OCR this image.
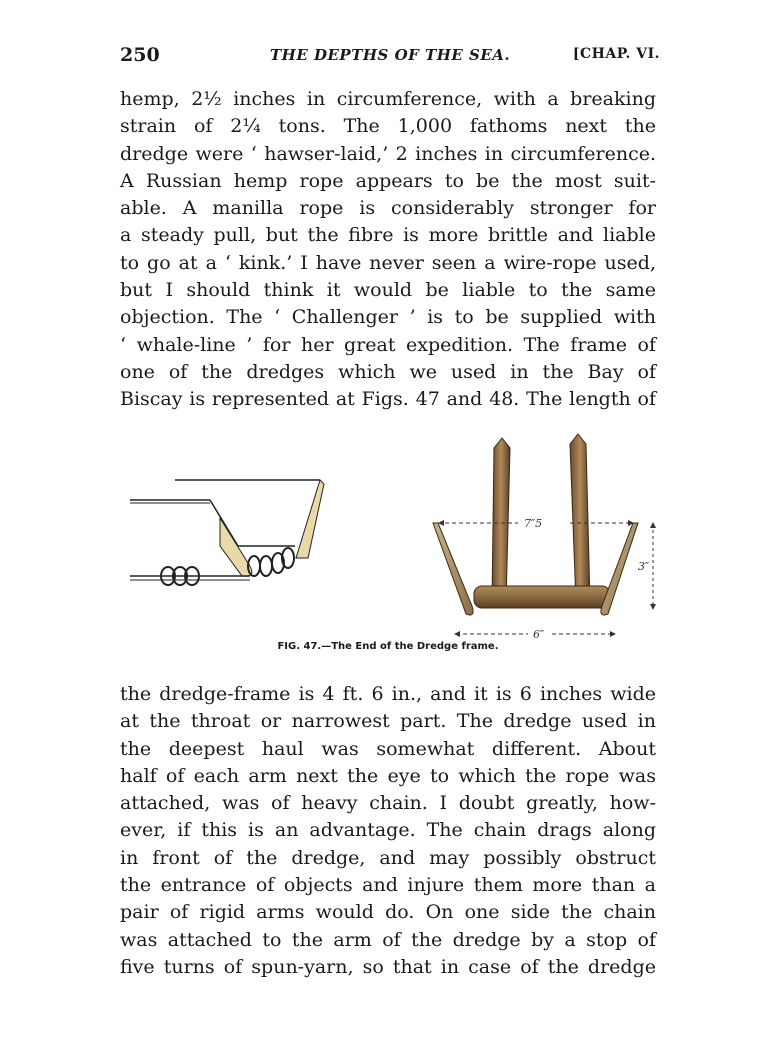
250	THE DEPTHS OF THE SEA.	[CHAP. VI.
hemp, 2½ inches in circumference, with a breaking
strain of 2¼ tons. The 1,000 fathoms next the
dredge were ‘ hawser-laid,’ 2 inches in circumference.
A Russian hemp rope appears to be the most suit-
able. A manilla rope is considerably stronger for
a steady pull, but the fibre is more brittle and liable
to go at a ‘ kink.’ I have never seen a wire-rope used,
but I should think it would be liable to the same
objection. The ‘ Challenger ’ is to be supplied with
‘ whale-line ’ for her great expedition. The frame of
one of the dredges which we used in the Bay of
Biscay is represented at Figs. 47 and 48. The length of
7″5
3″
6″
FIG. 47.—The End of the Dredge frame.
the dredge-frame is 4 ft. 6 in., and it is 6 inches wide
at the throat or narrowest part. The dredge used in
the deepest haul was somewhat different. About
half of each arm next the eye to which the rope was
attached, was of heavy chain. I doubt greatly, how-
ever, if this is an advantage. The chain drags along
in front of the dredge, and may possibly obstruct
the entrance of objects and injure them more than a
pair of rigid arms would do. On one side the chain
was attached to the arm of the dredge by a stop of
five turns of spun-yarn, so that in case of the dredge
